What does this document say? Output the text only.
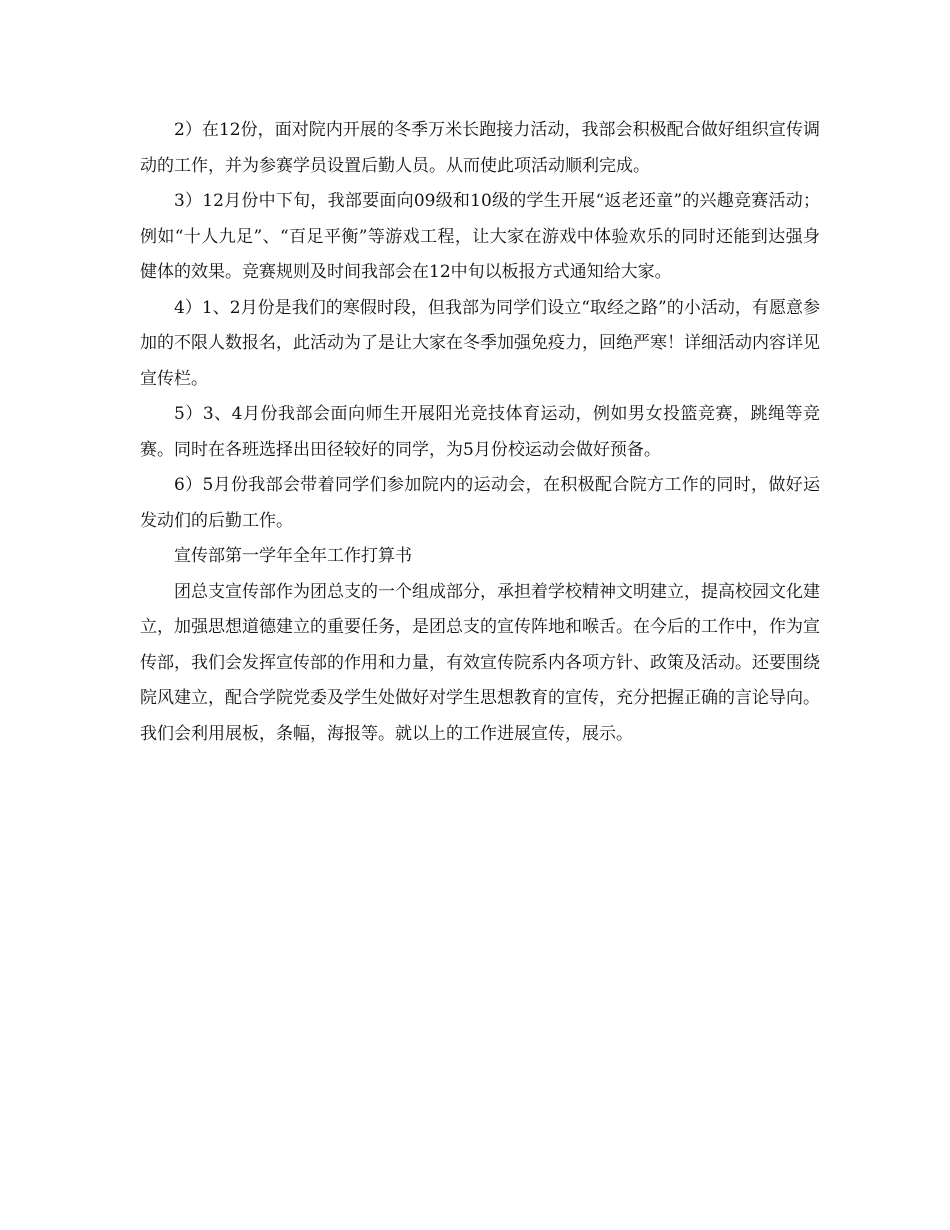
2）在12份，面对院内开展的冬季万米长跑接力活动，我部会积极配合做好组织宣传调动的工作，并为参赛学员设置后勤人员。从而使此项活动顺利完成。

3）12月份中下旬，我部要面向09级和10级的学生开展“返老还童”的兴趣竞赛活动；例如“十人九足”、“百足平衡”等游戏工程，让大家在游戏中体验欢乐的同时还能到达强身健体的效果。竞赛规则及时间我部会在12中旬以板报方式通知给大家。

4）1、2月份是我们的寒假时段，但我部为同学们设立“取经之路”的小活动，有愿意参加的不限人数报名，此活动为了是让大家在冬季加强免疫力，回绝严寒！详细活动内容详见宣传栏。

5）3、4月份我部会面向师生开展阳光竞技体育运动，例如男女投篮竞赛，跳绳等竞赛。同时在各班选择出田径较好的同学，为5月份校运动会做好预备。

6）5月份我部会带着同学们参加院内的运动会，在积极配合院方工作的同时，做好运发动们的后勤工作。

宣传部第一学年全年工作打算书

团总支宣传部作为团总支的一个组成部分，承担着学校精神文明建立，提高校园文化建立，加强思想道德建立的重要任务，是团总支的宣传阵地和喉舌。在今后的工作中，作为宣传部，我们会发挥宣传部的作用和力量，有效宣传院系内各项方针、政策及活动。还要围绕院风建立，配合学院党委及学生处做好对学生思想教育的宣传，充分把握正确的言论导向。我们会利用展板，条幅，海报等。就以上的工作进展宣传，展示。
